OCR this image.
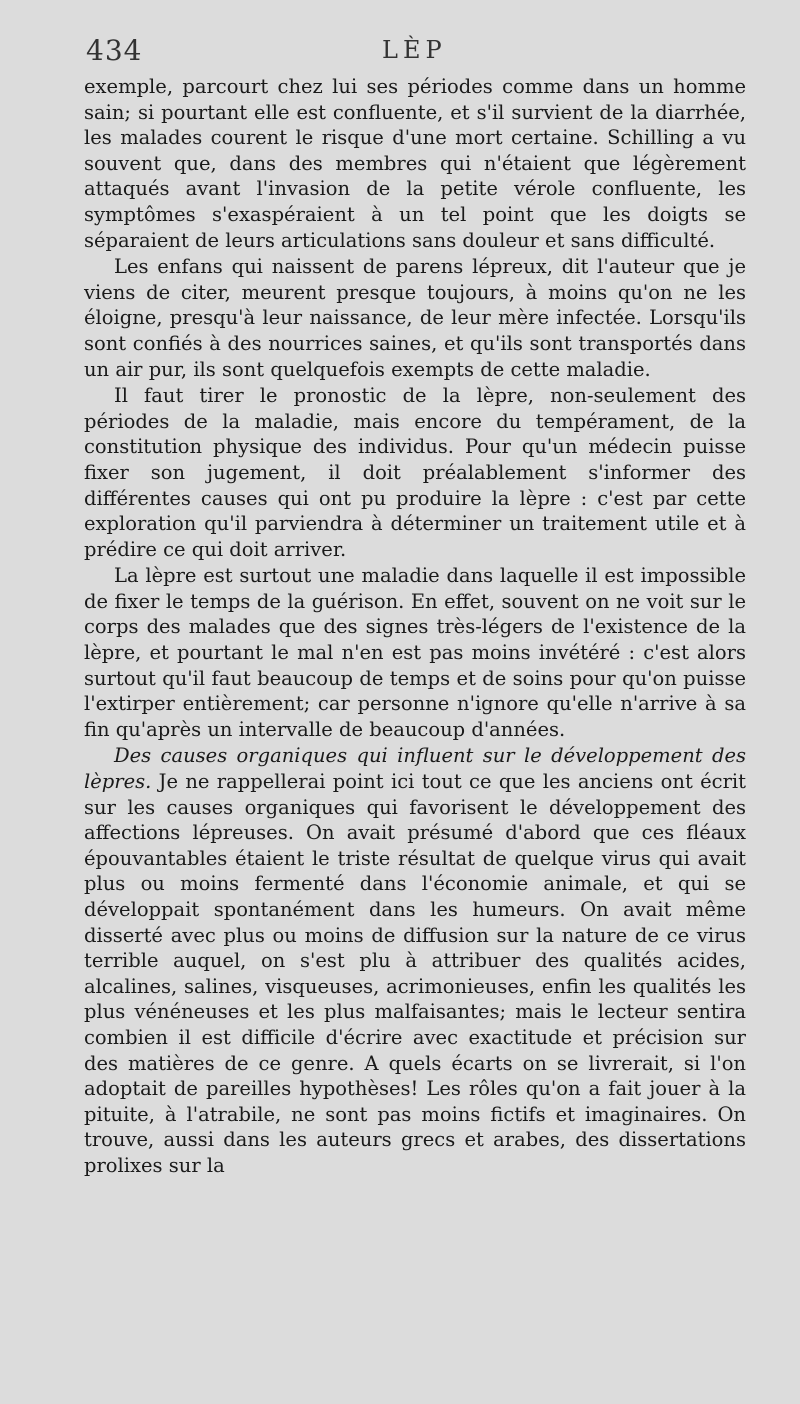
434	LÈP

exemple, parcourt chez lui ses périodes comme dans un homme sain; si pourtant elle est confluente, et s'il survient de la diarrhée, les malades courent le risque d'une mort certaine. Schilling a vu souvent que, dans des membres qui n'étaient que légèrement attaqués avant l'invasion de la petite vérole confluente, les symptômes s'exaspéraient à un tel point que les doigts se séparaient de leurs articulations sans douleur et sans difficulté.

Les enfans qui naissent de parens lépreux, dit l'auteur que je viens de citer, meurent presque toujours, à moins qu'on ne les éloigne, presqu'à leur naissance, de leur mère infectée. Lorsqu'ils sont confiés à des nourrices saines, et qu'ils sont transportés dans un air pur, ils sont quelquefois exempts de cette maladie.

Il faut tirer le pronostic de la lèpre, non-seulement des périodes de la maladie, mais encore du tempérament, de la constitution physique des individus. Pour qu'un médecin puisse fixer son jugement, il doit préalablement s'informer des différentes causes qui ont pu produire la lèpre : c'est par cette exploration qu'il parviendra à déterminer un traitement utile et à prédire ce qui doit arriver.

La lèpre est surtout une maladie dans laquelle il est impossible de fixer le temps de la guérison. En effet, souvent on ne voit sur le corps des malades que des signes très-légers de l'existence de la lèpre, et pourtant le mal n'en est pas moins invétéré : c'est alors surtout qu'il faut beaucoup de temps et de soins pour qu'on puisse l'extirper entièrement; car personne n'ignore qu'elle n'arrive à sa fin qu'après un intervalle de beaucoup d'années.

Des causes organiques qui influent sur le développement des lèpres. Je ne rappellerai point ici tout ce que les anciens ont écrit sur les causes organiques qui favorisent le développement des affections lépreuses. On avait présumé d'abord que ces fléaux épouvantables étaient le triste résultat de quelque virus qui avait plus ou moins fermenté dans l'économie animale, et qui se développait spontanément dans les humeurs. On avait même disserté avec plus ou moins de diffusion sur la nature de ce virus terrible auquel, on s'est plu à attribuer des qualités acides, alcalines, salines, visqueuses, acrimonieuses, enfin les qualités les plus vénéneuses et les plus malfaisantes; mais le lecteur sentira combien il est difficile d'écrire avec exactitude et précision sur des matières de ce genre. A quels écarts on se livrerait, si l'on adoptait de pareilles hypothèses! Les rôles qu'on a fait jouer à la pituite, à l'atrabile, ne sont pas moins fictifs et imaginaires. On trouve, aussi dans les auteurs grecs et arabes, des dissertations prolixes sur la
